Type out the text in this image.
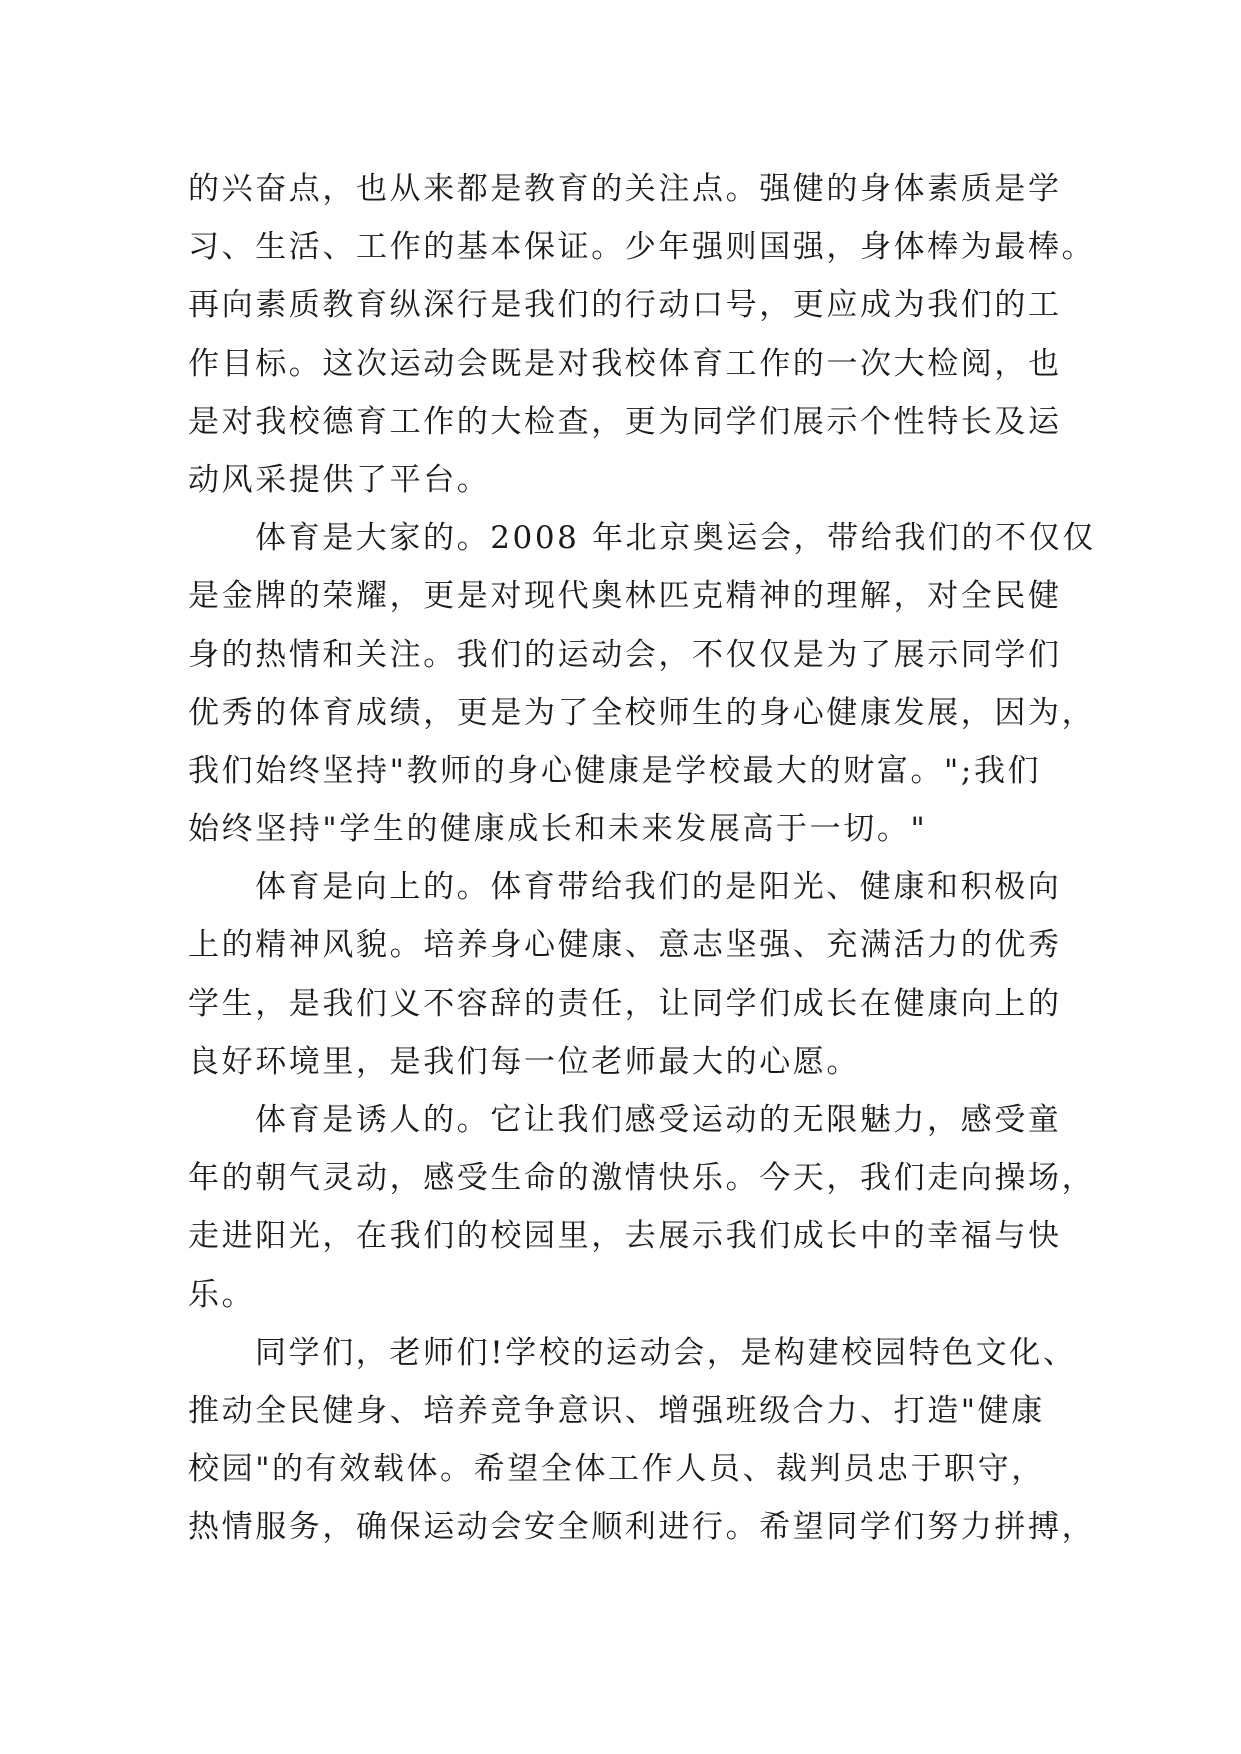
的兴奋点，也从来都是教育的关注点。强健的身体素质是学
习、生活、工作的基本保证。少年强则国强，身体棒为最棒。
再向素质教育纵深行是我们的行动口号，更应成为我们的工
作目标。这次运动会既是对我校体育工作的一次大检阅，也
是对我校德育工作的大检查，更为同学们展示个性特长及运
动风采提供了平台。
体育是大家的。2008 年北京奥运会，带给我们的不仅仅
是金牌的荣耀，更是对现代奥林匹克精神的理解，对全民健
身的热情和关注。我们的运动会，不仅仅是为了展示同学们
优秀的体育成绩，更是为了全校师生的身心健康发展，因为，
我们始终坚持"教师的身心健康是学校最大的财富。";我们
始终坚持"学生的健康成长和未来发展高于一切。"
体育是向上的。体育带给我们的是阳光、健康和积极向
上的精神风貌。培养身心健康、意志坚强、充满活力的优秀
学生，是我们义不容辞的责任，让同学们成长在健康向上的
良好环境里，是我们每一位老师最大的心愿。
体育是诱人的。它让我们感受运动的无限魅力，感受童
年的朝气灵动，感受生命的激情快乐。今天，我们走向操场，
走进阳光，在我们的校园里，去展示我们成长中的幸福与快
乐。
同学们，老师们!学校的运动会，是构建校园特色文化、
推动全民健身、培养竞争意识、增强班级合力、打造"健康
校园"的有效载体。希望全体工作人员、裁判员忠于职守，
热情服务，确保运动会安全顺利进行。希望同学们努力拼搏，
